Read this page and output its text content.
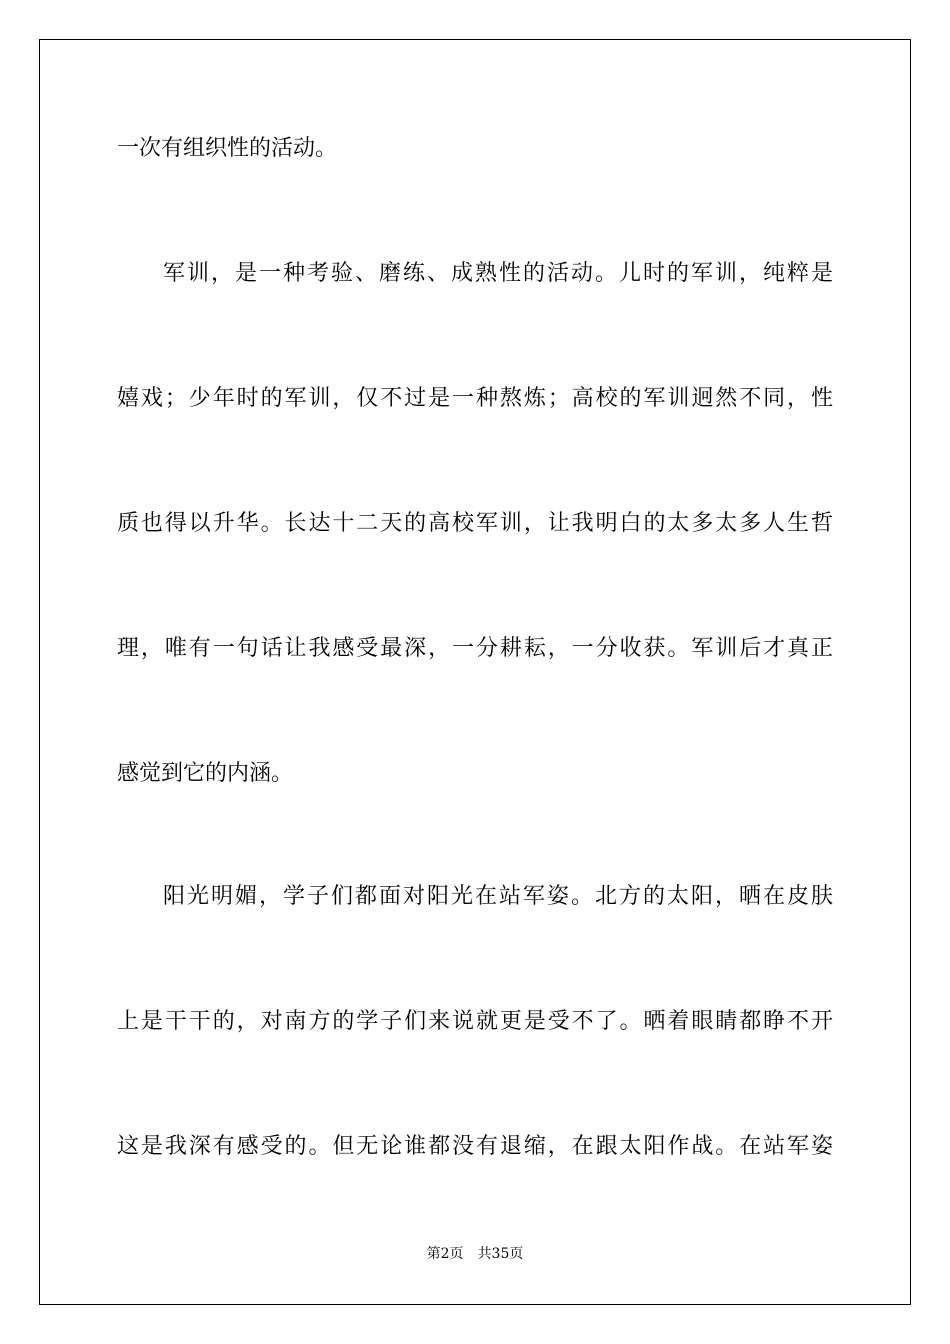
一次有组织性的活动。
军训，是一种考验、磨练、成熟性的活动。儿时的军训，纯粹是
嬉戏；少年时的军训，仅不过是一种熬炼；高校的军训迥然不同，性
质也得以升华。长达十二天的高校军训，让我明白的太多太多人生哲
理，唯有一句话让我感受最深，一分耕耘，一分收获。军训后才真正
感觉到它的内涵。
阳光明媚，学子们都面对阳光在站军姿。北方的太阳，晒在皮肤
上是干干的，对南方的学子们来说就更是受不了。晒着眼睛都睁不开
这是我深有感受的。但无论谁都没有退缩，在跟太阳作战。在站军姿
第2页 共35页
